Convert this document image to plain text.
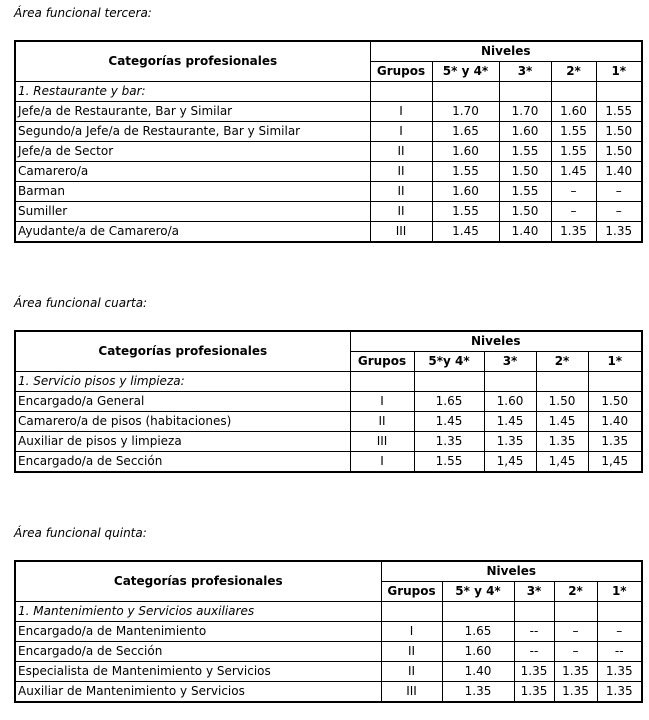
Área funcional tercera:
Categorías profesionales	Niveles				
	Grupos	5* y 4*	3*	2*	1*
1. Restaurante y bar:					
Jefe/a de Restaurante, Bar y Similar	I	1.70	1.70	1.60	1.55
Segundo/a Jefe/a de Restaurante, Bar y Similar	I	1.65	1.60	1.55	1.50
Jefe/a de Sector	II	1.60	1.55	1.55	1.50
Camarero/a	II	1.55	1.50	1.45	1.40
Barman	II	1.60	1.55	–	–
Sumiller	II	1.55	1.50	–	–
Ayudante/a de Camarero/a	III	1.45	1.40	1.35	1.35
Área funcional cuarta:
Categorías profesionales	Niveles				
	Grupos	5*y 4*	3*	2*	1*
1. Servicio pisos y limpieza:					
Encargado/a General	I	1.65	1.60	1.50	1.50
Camarero/a de pisos (habitaciones)	II	1.45	1.45	1.45	1.40
Auxiliar de pisos y limpieza	III	1.35	1.35	1.35	1.35
Encargado/a de Sección	I	1.55	1,45	1,45	1,45
Área funcional quinta:
Categorías profesionales	Niveles				
	Grupos	5* y 4*	3*	2*	1*
1. Mantenimiento y Servicios auxiliares					
Encargado/a de Mantenimiento	I	1.65	--	–	–
Encargado/a de Sección	II	1.60	--	–	--
Especialista de Mantenimiento y Servicios	II	1.40	1.35	1.35	1.35
Auxiliar de Mantenimiento y Servicios	III	1.35	1.35	1.35	1.35
